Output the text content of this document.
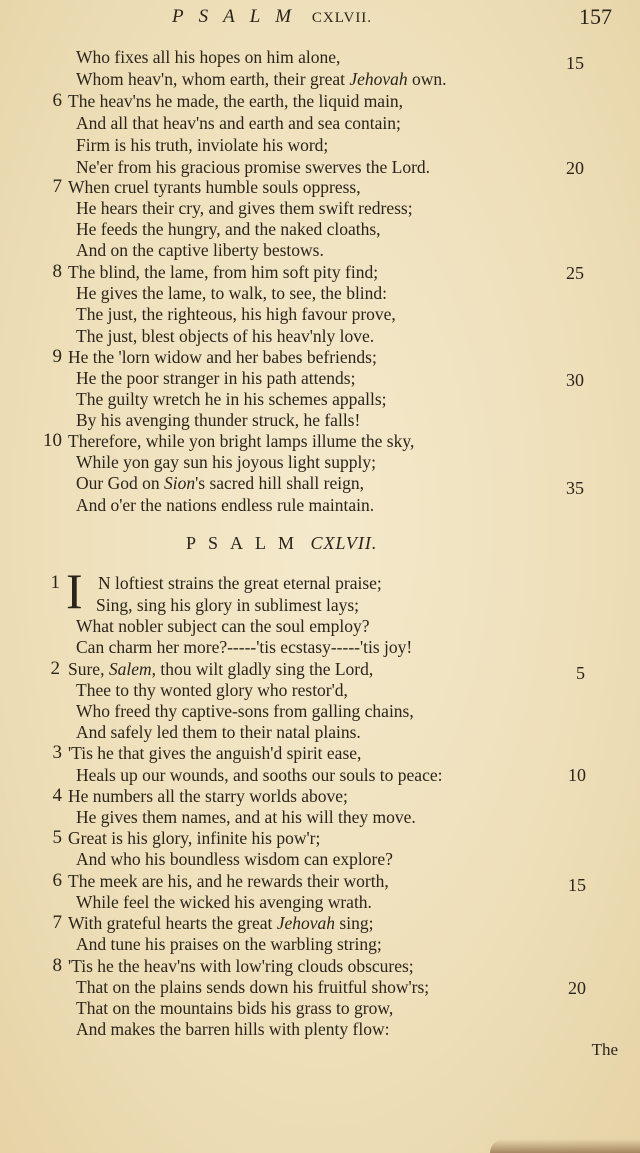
PSALM CXLVII.	157
Who fixes all his hopes on him alone,
Whom heav'n, whom earth, their great Jehovah own.
The heav'ns he made, the earth, the liquid main,
And all that heav'ns and earth and sea contain;
Firm is his truth, inviolate his word;
Ne'er from his gracious promise swerves the Lord.
When cruel tyrants humble souls oppress,
He hears their cry, and gives them swift redress;
He feeds the hungry, and the naked cloaths,
And on the captive liberty bestows.
The blind, the lame, from him soft pity find;
He gives the lame, to walk, to see, the blind:
The just, the righteous, his high favour prove,
The just, blest objects of his heav'nly love.
He the 'lorn widow and her babes befriends;
He the poor stranger in his path attends;
The guilty wretch he in his schemes appalls;
By his avenging thunder struck, he falls!
Therefore, while yon bright lamps illume the sky,
While yon gay sun his joyous light supply;
Our God on Sion's sacred hill shall reign,
And o'er the nations endless rule maintain.
6
7
8
9
10
15
20
25
30
35
PSALM CXLVII.
I N loftiest strains the great eternal praise;
Sing, sing his glory in sublimest lays;
What nobler subject can the soul employ?
Can charm her more?-----'tis ecstasy-----'tis joy!
Sure, Salem, thou wilt gladly sing the Lord,
Thee to thy wonted glory who restor'd,
Who freed thy captive-sons from galling chains,
And safely led them to their natal plains.
'Tis he that gives the anguish'd spirit ease,
Heals up our wounds, and sooths our souls to peace:
He numbers all the starry worlds above;
He gives them names, and at his will they move.
Great is his glory, infinite his pow'r;
And who his boundless wisdom can explore?
The meek are his, and he rewards their worth,
While feel the wicked his avenging wrath.
With grateful hearts the great Jehovah sing;
And tune his praises on the warbling string;
'Tis he the heav'ns with low'ring clouds obscures;
That on the plains sends down his fruitful show'rs;
That on the mountains bids his grass to grow,
And makes the barren hills with plenty flow:
1
2
3
4
5
6
7
8
5
10
15
20
The
